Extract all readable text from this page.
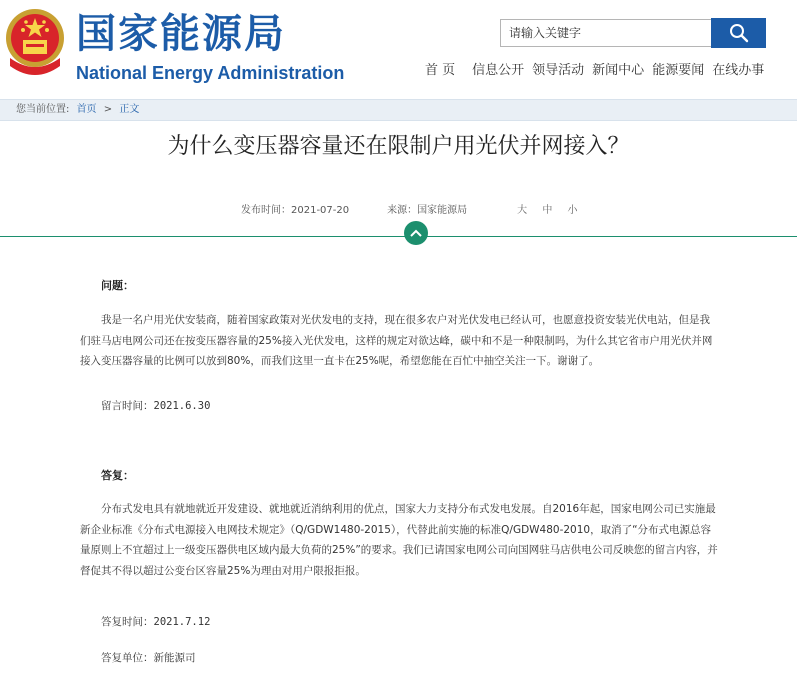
国家能源局
National Energy Administration
请输入关键字
首 页 信息公开 领导活动 新闻中心 能源要闻 在线办事
您当前位置: 首页 > 正文
为什么变压器容量还在限制户用光伏并网接入？
发布时间：2021-07-20	来源：国家能源局	大 中 小
问题：
我是一名户用光伏安装商，随着国家政策对光伏发电的支持，现在很多农户对光伏发电已经认可，也愿意投资安装光伏电站，但是我们驻马店电网公司还在按变压器容量的25%接入光伏发电，这样的规定对欲达峰，碳中和不是一种限制吗，为什么其它省市户用光伏并网接入变压器容量的比例可以放到80%，而我们这里一直卡在25%呢，希望您能在百忙中抽空关注一下。谢谢了。
留言时间：2021.6.30
答复：
分布式发电具有就地就近开发建设、就地就近消纳利用的优点，国家大力支持分布式发电发展。自2016年起，国家电网公司已实施最新企业标准《分布式电源接入电网技术规定》（Q/GDW1480-2015），代替此前实施的标准Q/GDW480-2010，取消了“分布式电源总容量原则上不宜超过上一级变压器供电区域内最大负荷的25%”的要求。我们已请国家电网公司向国网驻马店供电公司反映您的留言内容，并督促其不得以超过公变台区容量25%为理由对用户限报拒报。
答复时间：2021.7.12
答复单位：新能源司
